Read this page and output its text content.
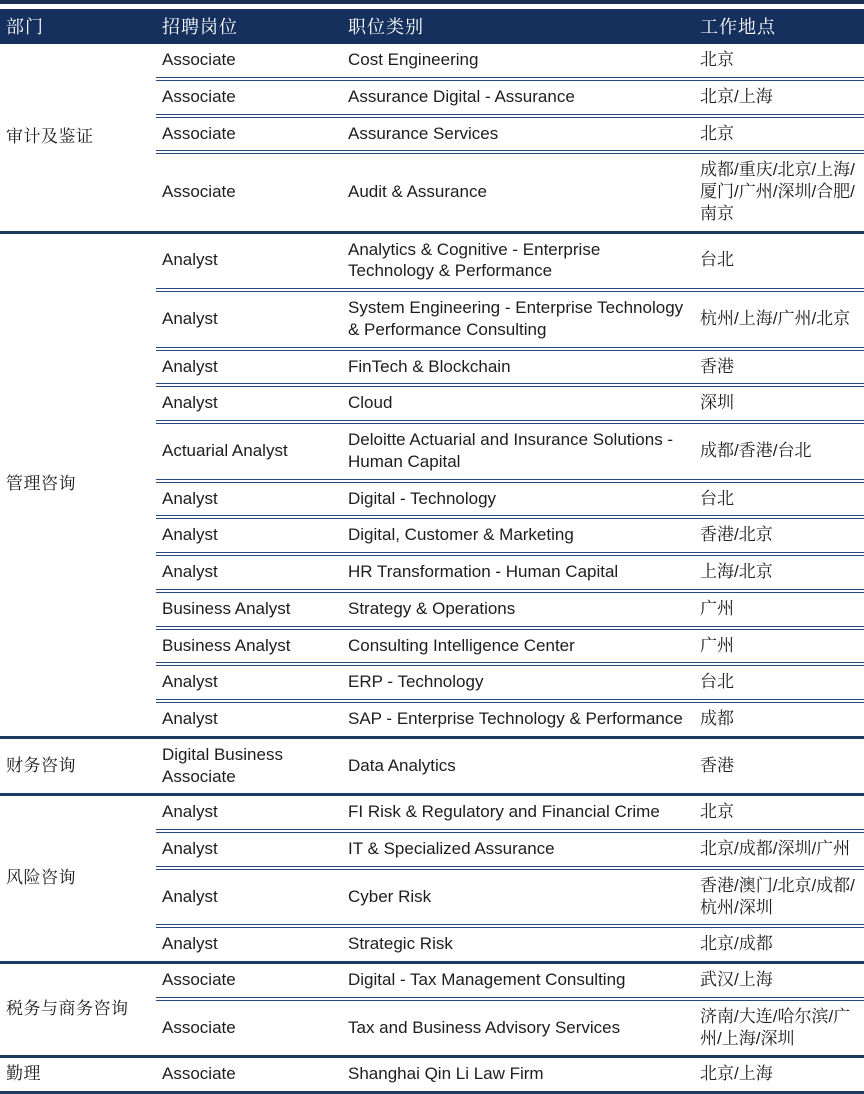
部门	招聘岗位	职位类别	工作地点
审计及鉴证	Associate	Cost Engineering	北京
	Associate	Assurance Digital - Assurance	北京/上海
	Associate	Assurance Services	北京
	Associate	Audit & Assurance	成都/重庆/北京/上海/厦门/广州/深圳/合肥/南京
管理咨询	Analyst	Analytics & Cognitive - Enterprise Technology & Performance	台北
	Analyst	System Engineering - Enterprise Technology & Performance Consulting	杭州/上海/广州/北京
	Analyst	FinTech & Blockchain	香港
	Analyst	Cloud	深圳
	Actuarial Analyst	Deloitte Actuarial and Insurance Solutions - Human Capital	成都/香港/台北
	Analyst	Digital - Technology	台北
	Analyst	Digital, Customer & Marketing	香港/北京
	Analyst	HR Transformation - Human Capital	上海/北京
	Business Analyst	Strategy & Operations	广州
	Business Analyst	Consulting Intelligence Center	广州
	Analyst	ERP - Technology	台北
	Analyst	SAP - Enterprise Technology & Performance	成都
财务咨询	Digital Business Associate	Data Analytics	香港
风险咨询	Analyst	FI Risk & Regulatory and Financial Crime	北京
	Analyst	IT & Specialized Assurance	北京/成都/深圳/广州
	Analyst	Cyber Risk	香港/澳门/北京/成都/杭州/深圳
	Analyst	Strategic Risk	北京/成都
税务与商务咨询	Associate	Digital - Tax Management Consulting	武汉/上海
	Associate	Tax and Business Advisory Services	济南/大连/哈尔滨/广州/上海/深圳
勤理	Associate	Shanghai Qin Li Law Firm	北京/上海
